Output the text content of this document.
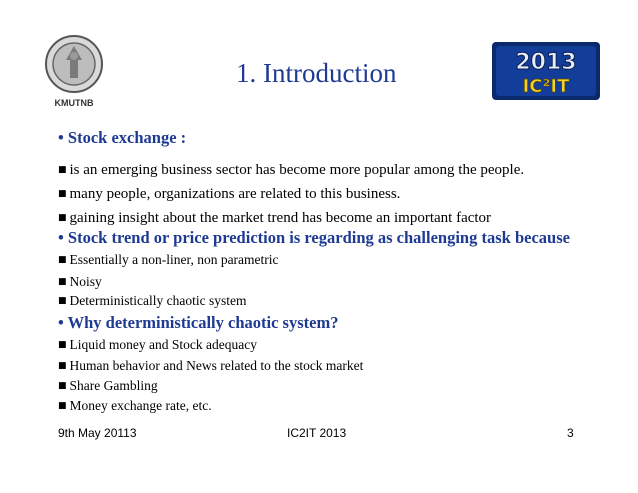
KMUTNB
2013
IC²IT
1. Introduction
• Stock exchange :
■ is an emerging business sector has become more popular among the people.
■ many people, organizations are related to this business.
■ gaining insight about the market trend has become an important factor
• Stock trend or price prediction is regarding as challenging task because
■ Essentially a non-liner, non parametric
■ Noisy
■ Deterministically chaotic system
• Why deterministically chaotic system?
■ Liquid money and Stock adequacy
■ Human behavior and News related to the stock market
■ Share Gambling
■ Money exchange rate, etc.
9th May 20113	IC2IT 2013	3
